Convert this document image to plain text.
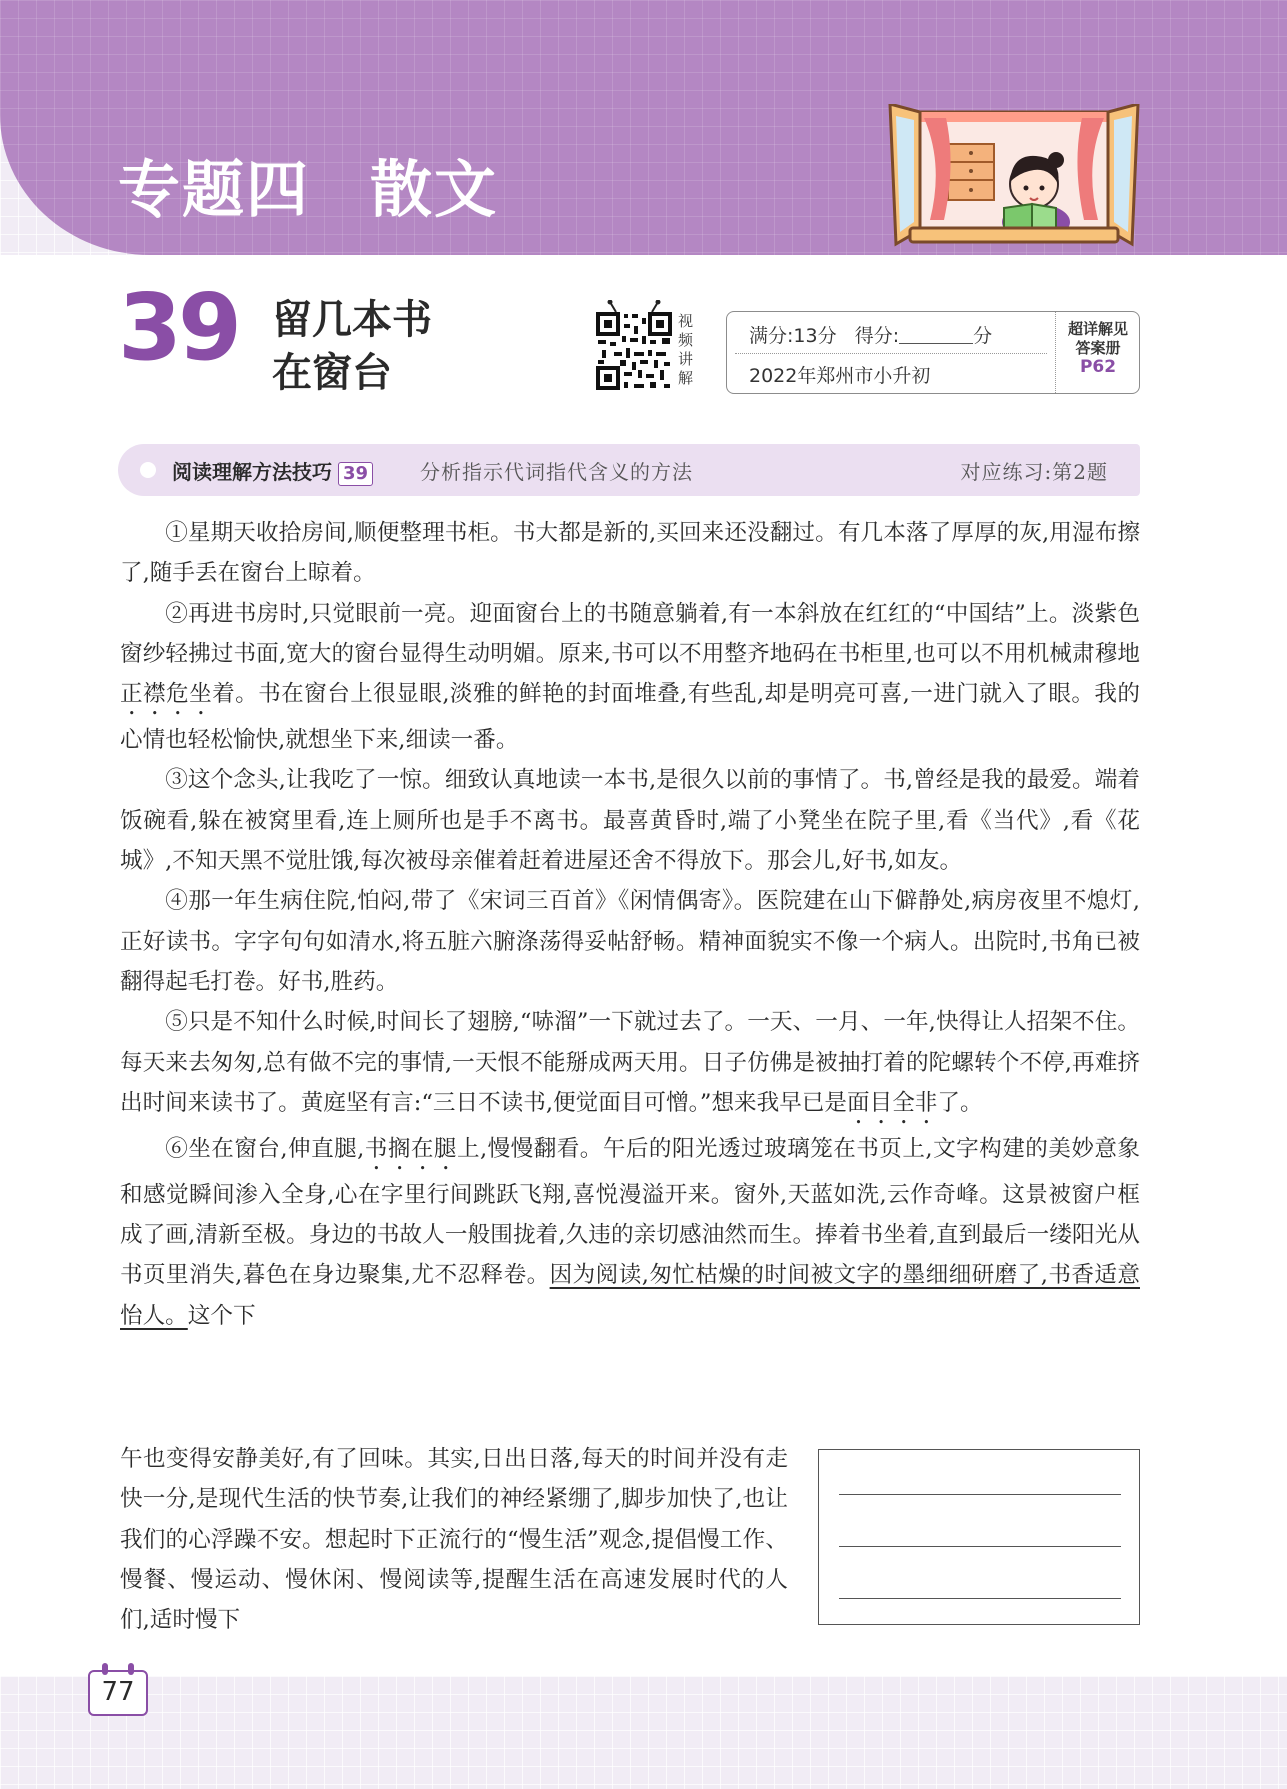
专题四 散文
39 留几本书
在窗台
视
频
讲
解
满分:13分 得分:	分
2022年郑州市小升初
超详解见
答案册
P62
阅读理解方法技巧 39	分析指示代词指代含义的方法	对应练习:第2题

①星期天收拾房间,顺便整理书柜。书大都是新的,买回来还没翻过。有几本落了厚厚的灰,用湿布擦了,随手丢在窗台上晾着。

②再进书房时,只觉眼前一亮。迎面窗台上的书随意躺着,有一本斜放在红红的“中国结”上。淡紫色窗纱轻拂过书面,宽大的窗台显得生动明媚。原来,书可以不用整齐地码在书柜里,也可以不用机械肃穆地正襟危坐着。书在窗台上很显眼,淡雅的鲜艳的封面堆叠,有些乱,却是明亮可喜,一进门就入了眼。我的心情也轻松愉快,就想坐下来,细读一番。

③这个念头,让我吃了一惊。细致认真地读一本书,是很久以前的事情了。书,曾经是我的最爱。端着饭碗看,躲在被窝里看,连上厕所也是手不离书。最喜黄昏时,端了小凳坐在院子里,看《当代》,看《花城》,不知天黑不觉肚饿,每次被母亲催着赶着进屋还舍不得放下。那会儿,好书,如友。

④那一年生病住院,怕闷,带了《宋词三百首》《闲情偶寄》。医院建在山下僻静处,病房夜里不熄灯,正好读书。字字句句如清水,将五脏六腑涤荡得妥帖舒畅。精神面貌实不像一个病人。出院时,书角已被翻得起毛打卷。好书,胜药。

⑤只是不知什么时候,时间长了翅膀,“哧溜”一下就过去了。一天、一月、一年,快得让人招架不住。每天来去匆匆,总有做不完的事情,一天恨不能掰成两天用。日子仿佛是被抽打着的陀螺转个不停,再难挤出时间来读书了。黄庭坚有言:“三日不读书,便觉面目可憎。”想来我早已是面目全非了。

⑥坐在窗台,伸直腿,书搁在腿上,慢慢翻看。午后的阳光透过玻璃笼在书页上,文字构建的美妙意象和感觉瞬间渗入全身,心在字里行间跳跃飞翔,喜悦漫溢开来。窗外,天蓝如洗,云作奇峰。这景被窗户框成了画,清新至极。身边的书故人一般围拢着,久违的亲切感油然而生。捧着书坐着,直到最后一缕阳光从书页里消失,暮色在身边聚集,尤不忍释卷。因为阅读,匆忙枯燥的时间被文字的墨细细研磨了,书香适意怡人。这个下

午也变得安静美好,有了回味。其实,日出日落,每天的时间并没有走快一分,是现代生活的快节奏,让我们的神经紧绷了,脚步加快了,也让我们的心浮躁不安。想起时下正流行的“慢生活”观念,提倡慢工作、慢餐、慢运动、慢休闲、慢阅读等,提醒生活在高速发展时代的人们,适时慢下
77
